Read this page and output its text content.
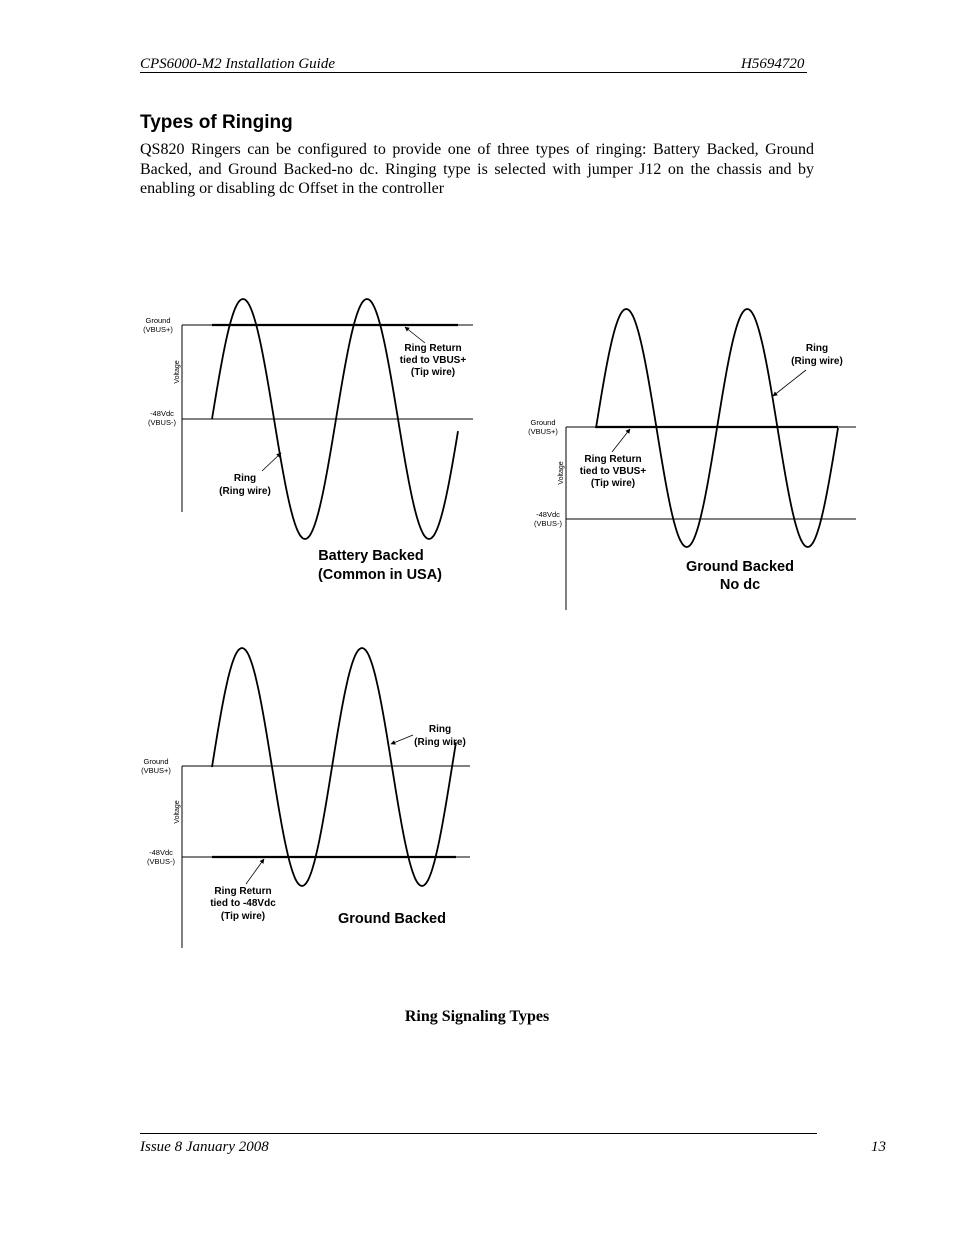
CPS6000-M2 Installation Guide	H5694720
Types of Ringing

QS820 Ringers can be configured to provide one of three types of ringing: Battery Backed, Ground Backed, and Ground Backed-no dc. Ringing type is selected with jumper J12 on the chassis and by enabling or disabling dc Offset in the controller

Ground
(VBUS+)
-48Vdc
(VBUS-)
Voltage
Ring Return
tied to VBUS+
(Tip wire)
Ring
(Ring wire)
Battery Backed
(Common in USA)
Ground
(VBUS+)
-48Vdc
(VBUS-)
Voltage
Ring
(Ring wire)
Ring Return
tied to VBUS+
(Tip wire)
Ground Backed
No dc
Ground
(VBUS+)
-48Vdc
(VBUS-)
Voltage
Ring
(Ring wire)
Ring Return
tied to -48Vdc
(Tip wire)	Ground Backed
Ring Signaling Types
Issue 8 January 2008	13
